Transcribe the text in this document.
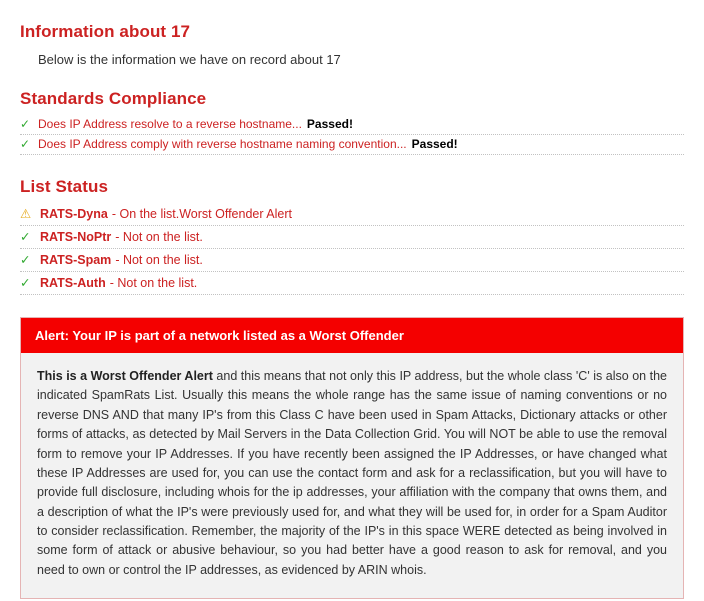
Information about 17
Below is the information we have on record about 17
Standards Compliance
✓ Does IP Address resolve to a reverse hostname... Passed!
✓ Does IP Address comply with reverse hostname naming convention... Passed!
List Status
⚠ RATS-Dyna - On the list.Worst Offender Alert
✓ RATS-NoPtr - Not on the list.
✓ RATS-Spam - Not on the list.
✓ RATS-Auth - Not on the list.
Alert: Your IP is part of a network listed as a Worst Offender
This is a Worst Offender Alert and this means that not only this IP address, but the whole class 'C' is also on the indicated SpamRats List. Usually this means the whole range has the same issue of naming conventions or no reverse DNS AND that many IP's from this Class C have been used in Spam Attacks, Dictionary attacks or other forms of attacks, as detected by Mail Servers in the Data Collection Grid. You will NOT be able to use the removal form to remove your IP Addresses. If you have recently been assigned the IP Addresses, or have changed what these IP Addresses are used for, you can use the contact form and ask for a reclassification, but you will have to provide full disclosure, including whois for the ip addresses, your affiliation with the company that owns them, and a description of what the IP's were previously used for, and what they will be used for, in order for a Spam Auditor to consider reclassification. Remember, the majority of the IP's in this space WERE detected as being involved in some form of attack or abusive behaviour, so you had better have a good reason to ask for removal, and you need to own or control the IP addresses, as evidenced by ARIN whois.
